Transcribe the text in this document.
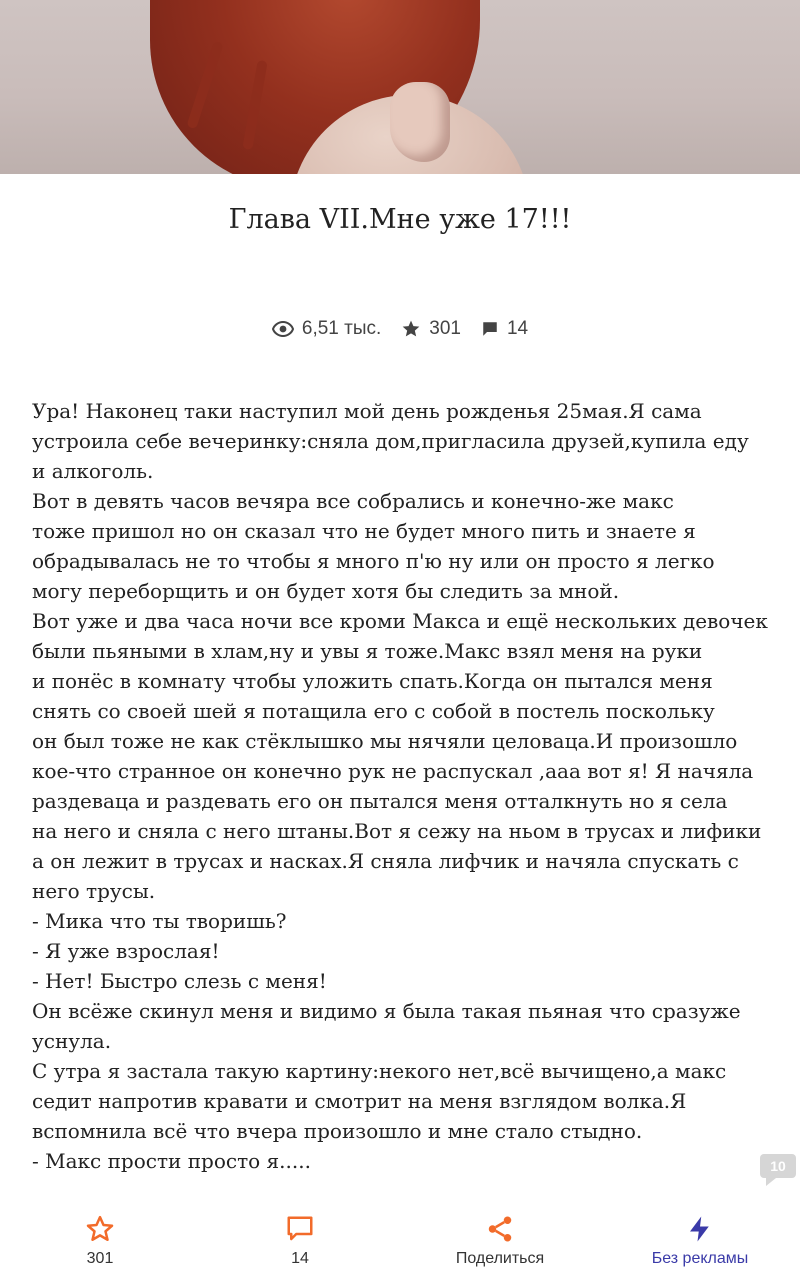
Глава VII.Мне уже 17!!!
6,51 тыс.	301 14

Ура! Наконец таки наступил мой день рожденья 25мая.Я сама

устроила себе вечеринку:сняла дом,пригласила друзей,купила еду

и алкоголь.

Вот в девять часов вечяра все собрались и конечно-же макс

тоже пришол но он сказал что не будет много пить и знаете я

обрадывалась не то чтобы я много п'ю ну или он просто я легко

могу переборщить и он будет хотя бы следить за мной.

Вот уже и два часа ночи все кроми Макса и ещё нескольких девочек

были пьяными в хлам,ну и увы я тоже.Макс взял меня на руки

и понёс в комнату чтобы уложить спать.Когда он пытался меня

снять со своей шей я потащила его с собой в постель поскольку

он был тоже не как стёклышко мы нячяли целоваца.И произошло

кое-что странное он конечно рук не распускал ,ааа вот я! Я начяла

раздеваца и раздевать его он пытался меня отталкнуть но я села

на него и сняла с него штаны.Вот я сежу на ньом в трусах и лифики

а он лежит в трусах и насках.Я сняла лифчик и начяла спускать с

него трусы.

- Мика что ты творишь?

- Я уже взрослая!

- Нет! Быстро слезь с меня!

Он всёже скинул меня и видимо я была такая пьяная что сразуже

уснула.

С утра я застала такую картину:некого нет,всё вычищено,а макс

седит напротив кравати и смотрит на меня взглядом волка.Я

вспомнила всё что вчера произошло и мне стало стыдно.

- Макс прости просто я.....	10
301	14	Поделиться	Без рекламы
